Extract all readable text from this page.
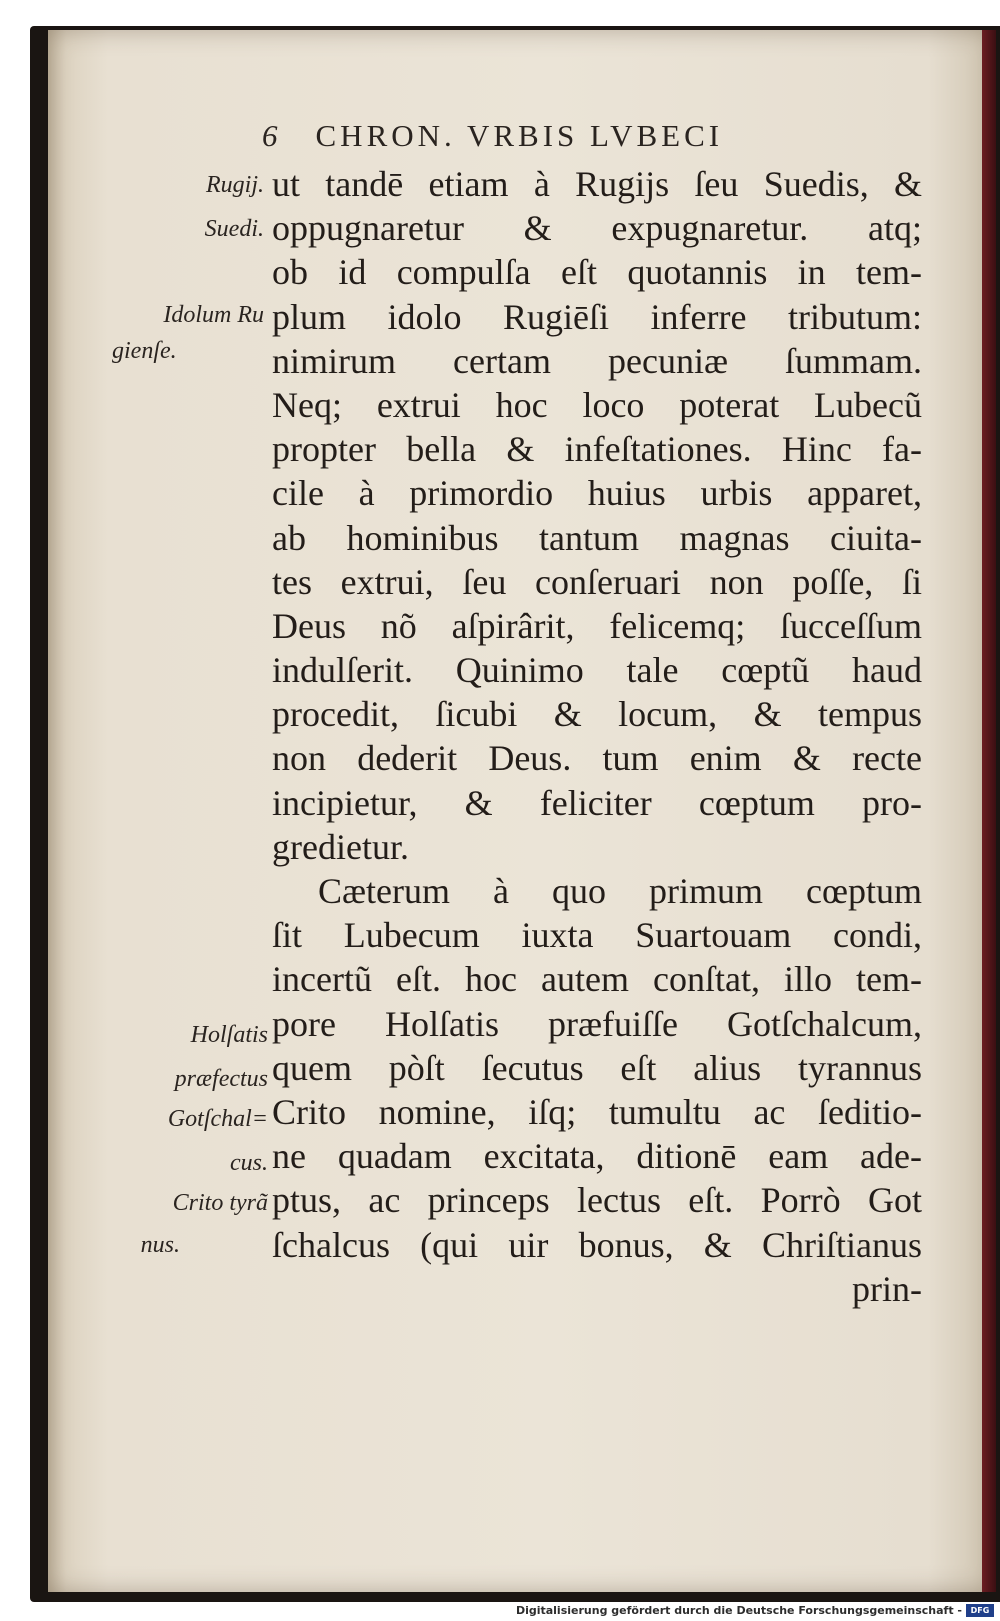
6 CHRON. VRBIS LVBECI
Rugij.
Suedi.
Idolum Ru
gienſe.
Holſatis
præfectus
Gotſchal=
cus.
Crito tyrã
nus.
ut tandē etiam à Rugijs ſeu Suedis, &
oppugnaretur & expugnaretur. atq;
ob id compulſa eſt quotannis in tem-
plum idolo Rugiēſi inferre tributum:
nimirum certam pecuniæ ſummam.
Neq; extrui hoc loco poterat Lubecũ
propter bella & infeſtationes. Hinc fa-
cile à primordio huius urbis apparet,
ab hominibus tantum magnas ciuita-
tes extrui, ſeu conſeruari non poſſe, ſi
Deus nõ aſpirârit, felicemq; ſucceſſum
indulſerit. Quinimo tale cœptũ haud
procedit, ſicubi & locum, & tempus
non dederit Deus. tum enim & recte
incipietur, & feliciter cœptum pro-
gredietur.
Cæterum à quo primum cœptum
ſit Lubecum iuxta Suartouam condi,
incertũ eſt. hoc autem conſtat, illo tem-
pore Holſatis præfuiſſe Gotſchalcum,
quem pòſt ſecutus eſt alius tyrannus
Crito nomine, iſq; tumultu ac ſeditio-
ne quadam excitata, ditionē eam ade-
ptus, ac princeps lectus eſt. Porrò Got
ſchalcus (qui uir bonus, & Chriſtianus
prin-
Digitalisierung gefördert durch die Deutsche Forschungsgemeinschaft -	DFG
